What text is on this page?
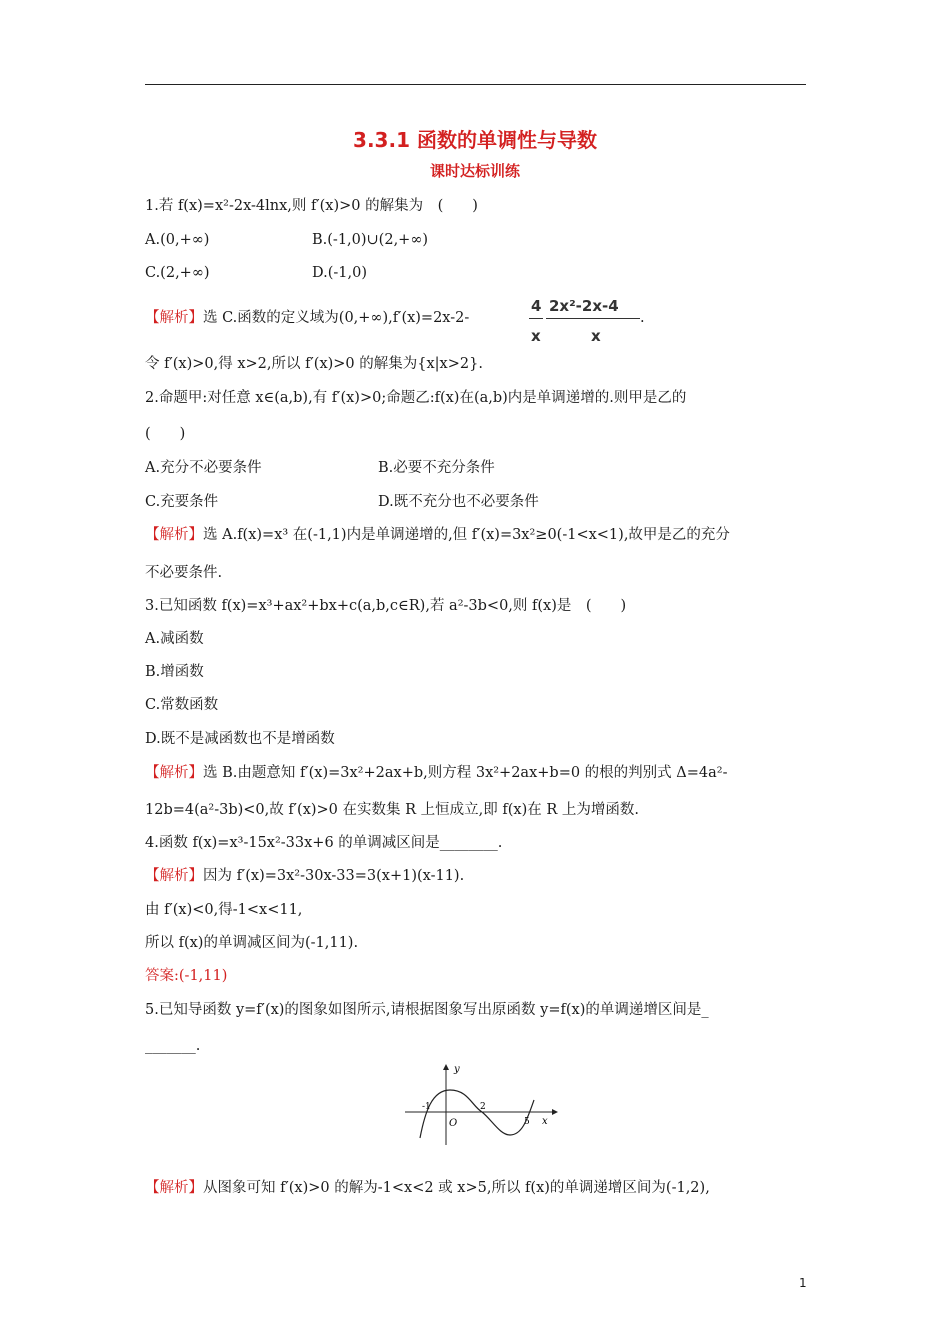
3.3.1 函数的单调性与导数
课时达标训练
1.若 f(x)=x²-2x-4lnx,则 f′(x)>0 的解集为　(　　)
A.(0,+∞)	B.(-1,0)∪(2,+∞)
C.(2,+∞)	D.(-1,0)
【解析】选 C.函数的定义域为(0,+∞),f′(x)=2x-2-
4
x
2x²-2x-4
x
.
令 f′(x)>0,得 x>2,所以 f′(x)>0 的解集为{x|x>2}.
2.命题甲:对任意 x∈(a,b),有 f′(x)>0;命题乙:f(x)在(a,b)内是单调递增的.则甲是乙的
(　　)
A.充分不必要条件	B.必要不充分条件
C.充要条件	D.既不充分也不必要条件
【解析】选 A.f(x)=x³ 在(-1,1)内是单调递增的,但 f′(x)=3x²≥0(-1<x<1),故甲是乙的充分
不必要条件.
3.已知函数 f(x)=x³+ax²+bx+c(a,b,c∈R),若 a²-3b<0,则 f(x)是　(　　)
A.减函数
B.增函数
C.常数函数
D.既不是减函数也不是增函数
【解析】选 B.由题意知 f′(x)=3x²+2ax+b,则方程 3x²+2ax+b=0 的根的判别式 Δ=4a²-
12b=4(a²-3b)<0,故 f′(x)>0 在实数集 R 上恒成立,即 f(x)在 R 上为增函数.
4.函数 f(x)=x³-15x²-33x+6 的单调减区间是________.
【解析】因为 f′(x)=3x²-30x-33=3(x+1)(x-11).
由 f′(x)<0,得-1<x<11,
所以 f(x)的单调减区间为(-1,11).
答案:(-1,11)
5.已知导函数 y=f′(x)的图象如图所示,请根据图象写出原函数 y=f(x)的单调递增区间是_
_______.
y
x
O
-1	2
5
【解析】从图象可知 f′(x)>0 的解为-1<x<2 或 x>5,所以 f(x)的单调递增区间为(-1,2),
1
